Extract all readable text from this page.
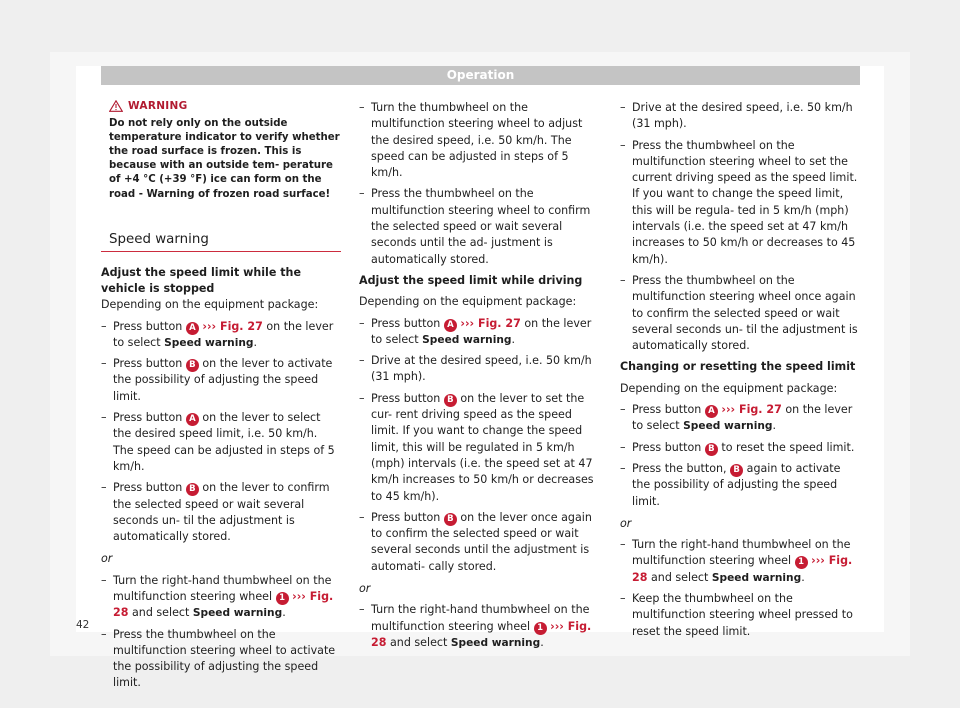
Operation
WARNING

Do not rely only on the outside temperature indicator to verify whether the road surface is frozen. This is because with an outside tem- perature of +4 °C (+39 °F) ice can form on the road - Warning of frozen road surface!

Speed warning

Adjust the speed limit while the vehicle is stopped

Depending on the equipment package:

– Press button A ››› Fig. 27 on the lever to select Speed warning.
– Press button B on the lever to activate the possibility of adjusting the speed limit.
– Press button A on the lever to select the desired speed limit, i.e. 50 km/h. The speed can be adjusted in steps of 5 km/h.
– Press button B on the lever to confirm the selected speed or wait several seconds un- til the adjustment is automatically stored.

or

– Turn the right-hand thumbwheel on the multifunction steering wheel 1 ››› Fig. 28 and select Speed warning.
– Press the thumbwheel on the multifunction steering wheel to activate the possibility of adjusting the speed limit.
– Turn the thumbwheel on the multifunction steering wheel to adjust the desired speed, i.e. 50 km/h. The speed can be adjusted in steps of 5 km/h.
– Press the thumbwheel on the multifunction steering wheel to confirm the selected speed or wait several seconds until the ad- justment is automatically stored.

Adjust the speed limit while driving

Depending on the equipment package:

– Press button A ››› Fig. 27 on the lever to select Speed warning.
– Drive at the desired speed, i.e. 50 km/h (31 mph).
– Press button B on the lever to set the cur- rent driving speed as the speed limit. If you want to change the speed limit, this will be regulated in 5 km/h (mph) intervals (i.e. the speed set at 47 km/h increases to 50 km/h or decreases to 45 km/h).
– Press button B on the lever once again to confirm the selected speed or wait several seconds until the adjustment is automati- cally stored.

or

– Turn the right-hand thumbwheel on the multifunction steering wheel 1 ››› Fig. 28 and select Speed warning.
– Drive at the desired speed, i.e. 50 km/h (31 mph).
– Press the thumbwheel on the multifunction steering wheel to set the current driving speed as the speed limit. If you want to change the speed limit, this will be regula- ted in 5 km/h (mph) intervals (i.e. the speed set at 47 km/h increases to 50 km/h or decreases to 45 km/h).
– Press the thumbwheel on the multifunction steering wheel once again to confirm the selected speed or wait several seconds un- til the adjustment is automatically stored.

Changing or resetting the speed limit

Depending on the equipment package:

– Press button A ››› Fig. 27 on the lever to select Speed warning.
– Press button B to reset the speed limit.
– Press the button, B again to activate the possibility of adjusting the speed limit.

or

– Turn the right-hand thumbwheel on the multifunction steering wheel 1 ››› Fig. 28 and select Speed warning.
– Keep the thumbwheel on the multifunction steering wheel pressed to reset the speed limit.
42
